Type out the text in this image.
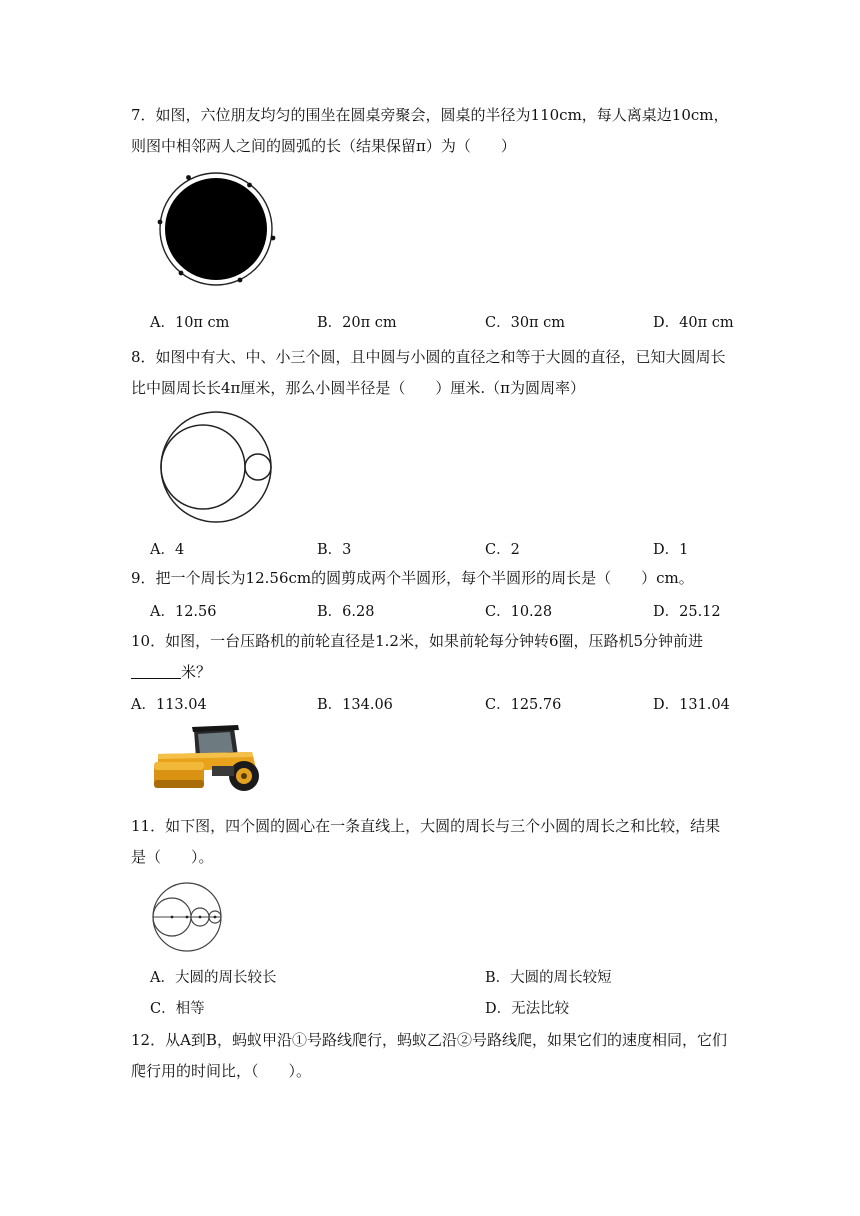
7．如图，六位朋友均匀的围坐在圆桌旁聚会，圆桌的半径为110cm，每人离桌边10cm，则图中相邻两人之间的圆弧的长（结果保留π）为（　　）
A．10π cm	B．20π cm	C．30π cm	D．40π cm
8．如图中有大、中、小三个圆，且中圆与小圆的直径之和等于大圆的直径，已知大圆周长比中圆周长长4π厘米，那么小圆半径是（　　）厘米.（π为圆周率）
A．4	B．3	C．2	D．1
9．把一个周长为12.56cm的圆剪成两个半圆形，每个半圆形的周长是（　　）cm。
A．12.56	B．6.28	C．10.28	D．25.12
10．如图，一台压路机的前轮直径是1.2米，如果前轮每分钟转6圈，压路机5分钟前进米？
A．113.04	B．134.06	C．125.76	D．131.04
11．如下图，四个圆的圆心在一条直线上，大圆的周长与三个小圆的周长之和比较，结果是（　　）。
A．大圆的周长较长	B．大圆的周长较短
C．相等	D．无法比较
12．从A到B，蚂蚁甲沿①号路线爬行，蚂蚁乙沿②号路线爬，如果它们的速度相同，它们爬行用的时间比，（　　）。
